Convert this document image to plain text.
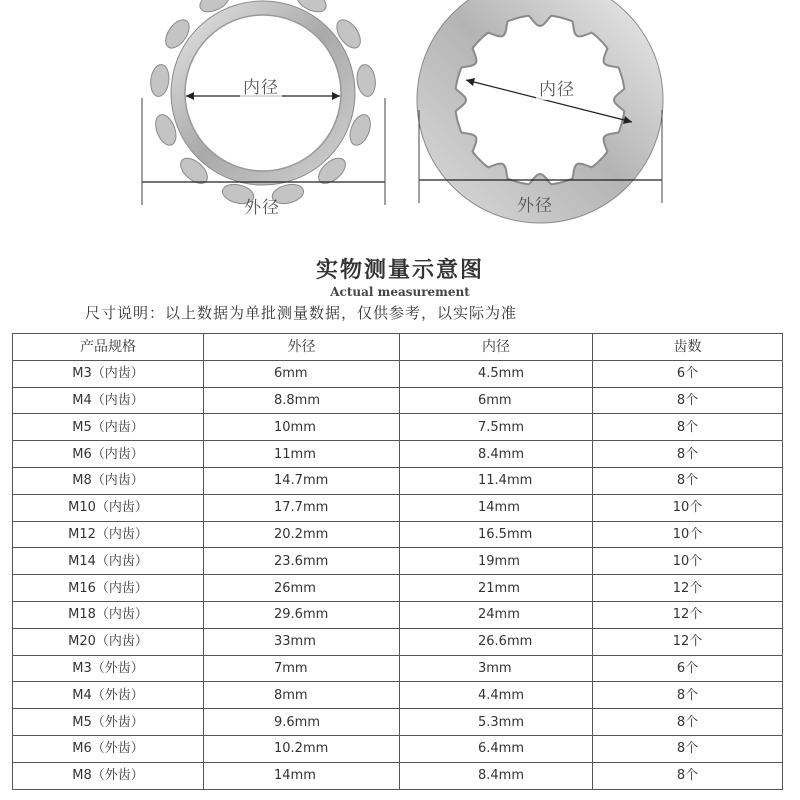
内径
外径
内径
外径
实物测量示意图
Actual measurement
尺寸说明：以上数据为单批测量数据，仅供参考，以实际为准
产品规格	外径	内径	齿数
M3（内齿）	6mm	4.5mm	6个
M4（内齿）	8.8mm	6mm	8个
M5（内齿）	10mm	7.5mm	8个
M6（内齿）	11mm	8.4mm	8个
M8（内齿）	14.7mm	11.4mm	8个
M10（内齿）	17.7mm	14mm	10个
M12（内齿）	20.2mm	16.5mm	10个
M14（内齿）	23.6mm	19mm	10个
M16（内齿）	26mm	21mm	12个
M18（内齿）	29.6mm	24mm	12个
M20（内齿）	33mm	26.6mm	12个
M3（外齿）	7mm	3mm	6个
M4（外齿）	8mm	4.4mm	8个
M5（外齿）	9.6mm	5.3mm	8个
M6（外齿）	10.2mm	6.4mm	8个
M8（外齿）	14mm	8.4mm	8个
